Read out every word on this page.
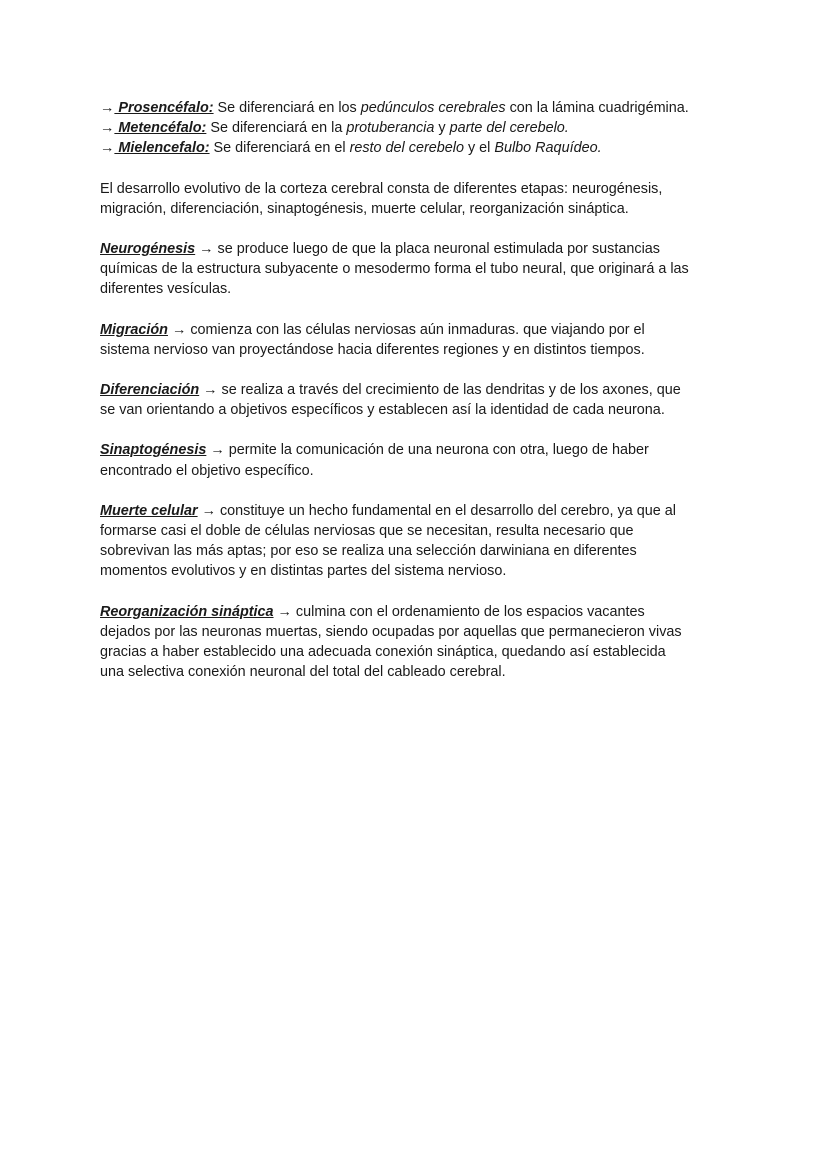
→ Prosencéfalo: Se diferenciará en los pedúnculos cerebrales con la lámina cuadrigémina.
→ Metencéfalo: Se diferenciará en la protuberancia y parte del cerebelo.
→ Mielencefalo: Se diferenciará en el resto del cerebelo y el Bulbo Raquídeo.

El desarrollo evolutivo de la corteza cerebral consta de diferentes etapas: neurogénesis,
migración, diferenciación, sinaptogénesis, muerte celular, reorganización sináptica.

Neurogénesis → se produce luego de que la placa neuronal estimulada por sustancias
químicas de la estructura subyacente o mesodermo forma el tubo neural, que originará a las
diferentes vesículas.

Migración → comienza con las células nerviosas aún inmaduras. que viajando por el
sistema nervioso van proyectándose hacia diferentes regiones y en distintos tiempos.

Diferenciación → se realiza a través del crecimiento de las dendritas y de los axones, que
se van orientando a objetivos específicos y establecen así la identidad de cada neurona.

Sinaptogénesis → permite la comunicación de una neurona con otra, luego de haber
encontrado el objetivo específico.

Muerte celular → constituye un hecho fundamental en el desarrollo del cerebro, ya que al
formarse casi el doble de células nerviosas que se necesitan, resulta necesario que
sobrevivan las más aptas; por eso se realiza una selección darwiniana en diferentes
momentos evolutivos y en distintas partes del sistema nervioso.

Reorganización sináptica → culmina con el ordenamiento de los espacios vacantes
dejados por las neuronas muertas, siendo ocupadas por aquellas que permanecieron vivas
gracias a haber establecido una adecuada conexión sináptica, quedando así establecida
una selectiva conexión neuronal del total del cableado cerebral.
